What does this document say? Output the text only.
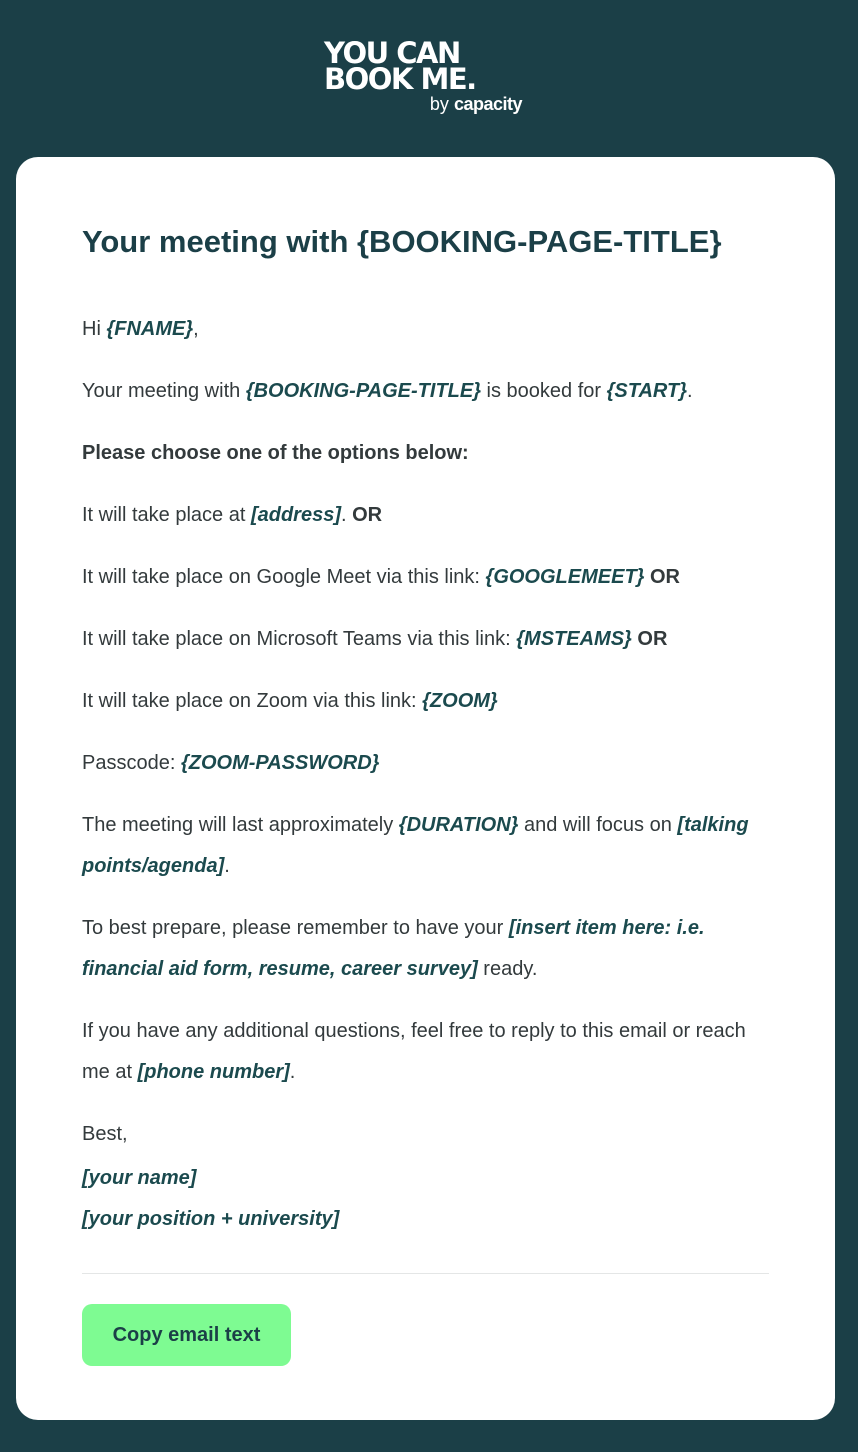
YOU CAN
BOOK ME.
by capacity
Your meeting with {BOOKING-PAGE-TITLE}

Hi {FNAME},

Your meeting with {BOOKING-PAGE-TITLE} is booked for {START}.

Please choose one of the options below:

It will take place at [address]. OR

It will take place on Google Meet via this link: {GOOGLEMEET} OR

It will take place on Microsoft Teams via this link: {MSTEAMS} OR

It will take place on Zoom via this link: {ZOOM}

Passcode: {ZOOM-PASSWORD}

The meeting will last approximately {DURATION} and will focus on [talking points/agenda].

To best prepare, please remember to have your [insert item here: i.e. financial aid form, resume, career survey] ready.

If you have any additional questions, feel free to reply to this email or reach me at [phone number].

Best,

[your name]

[your position + university]

Copy email text
